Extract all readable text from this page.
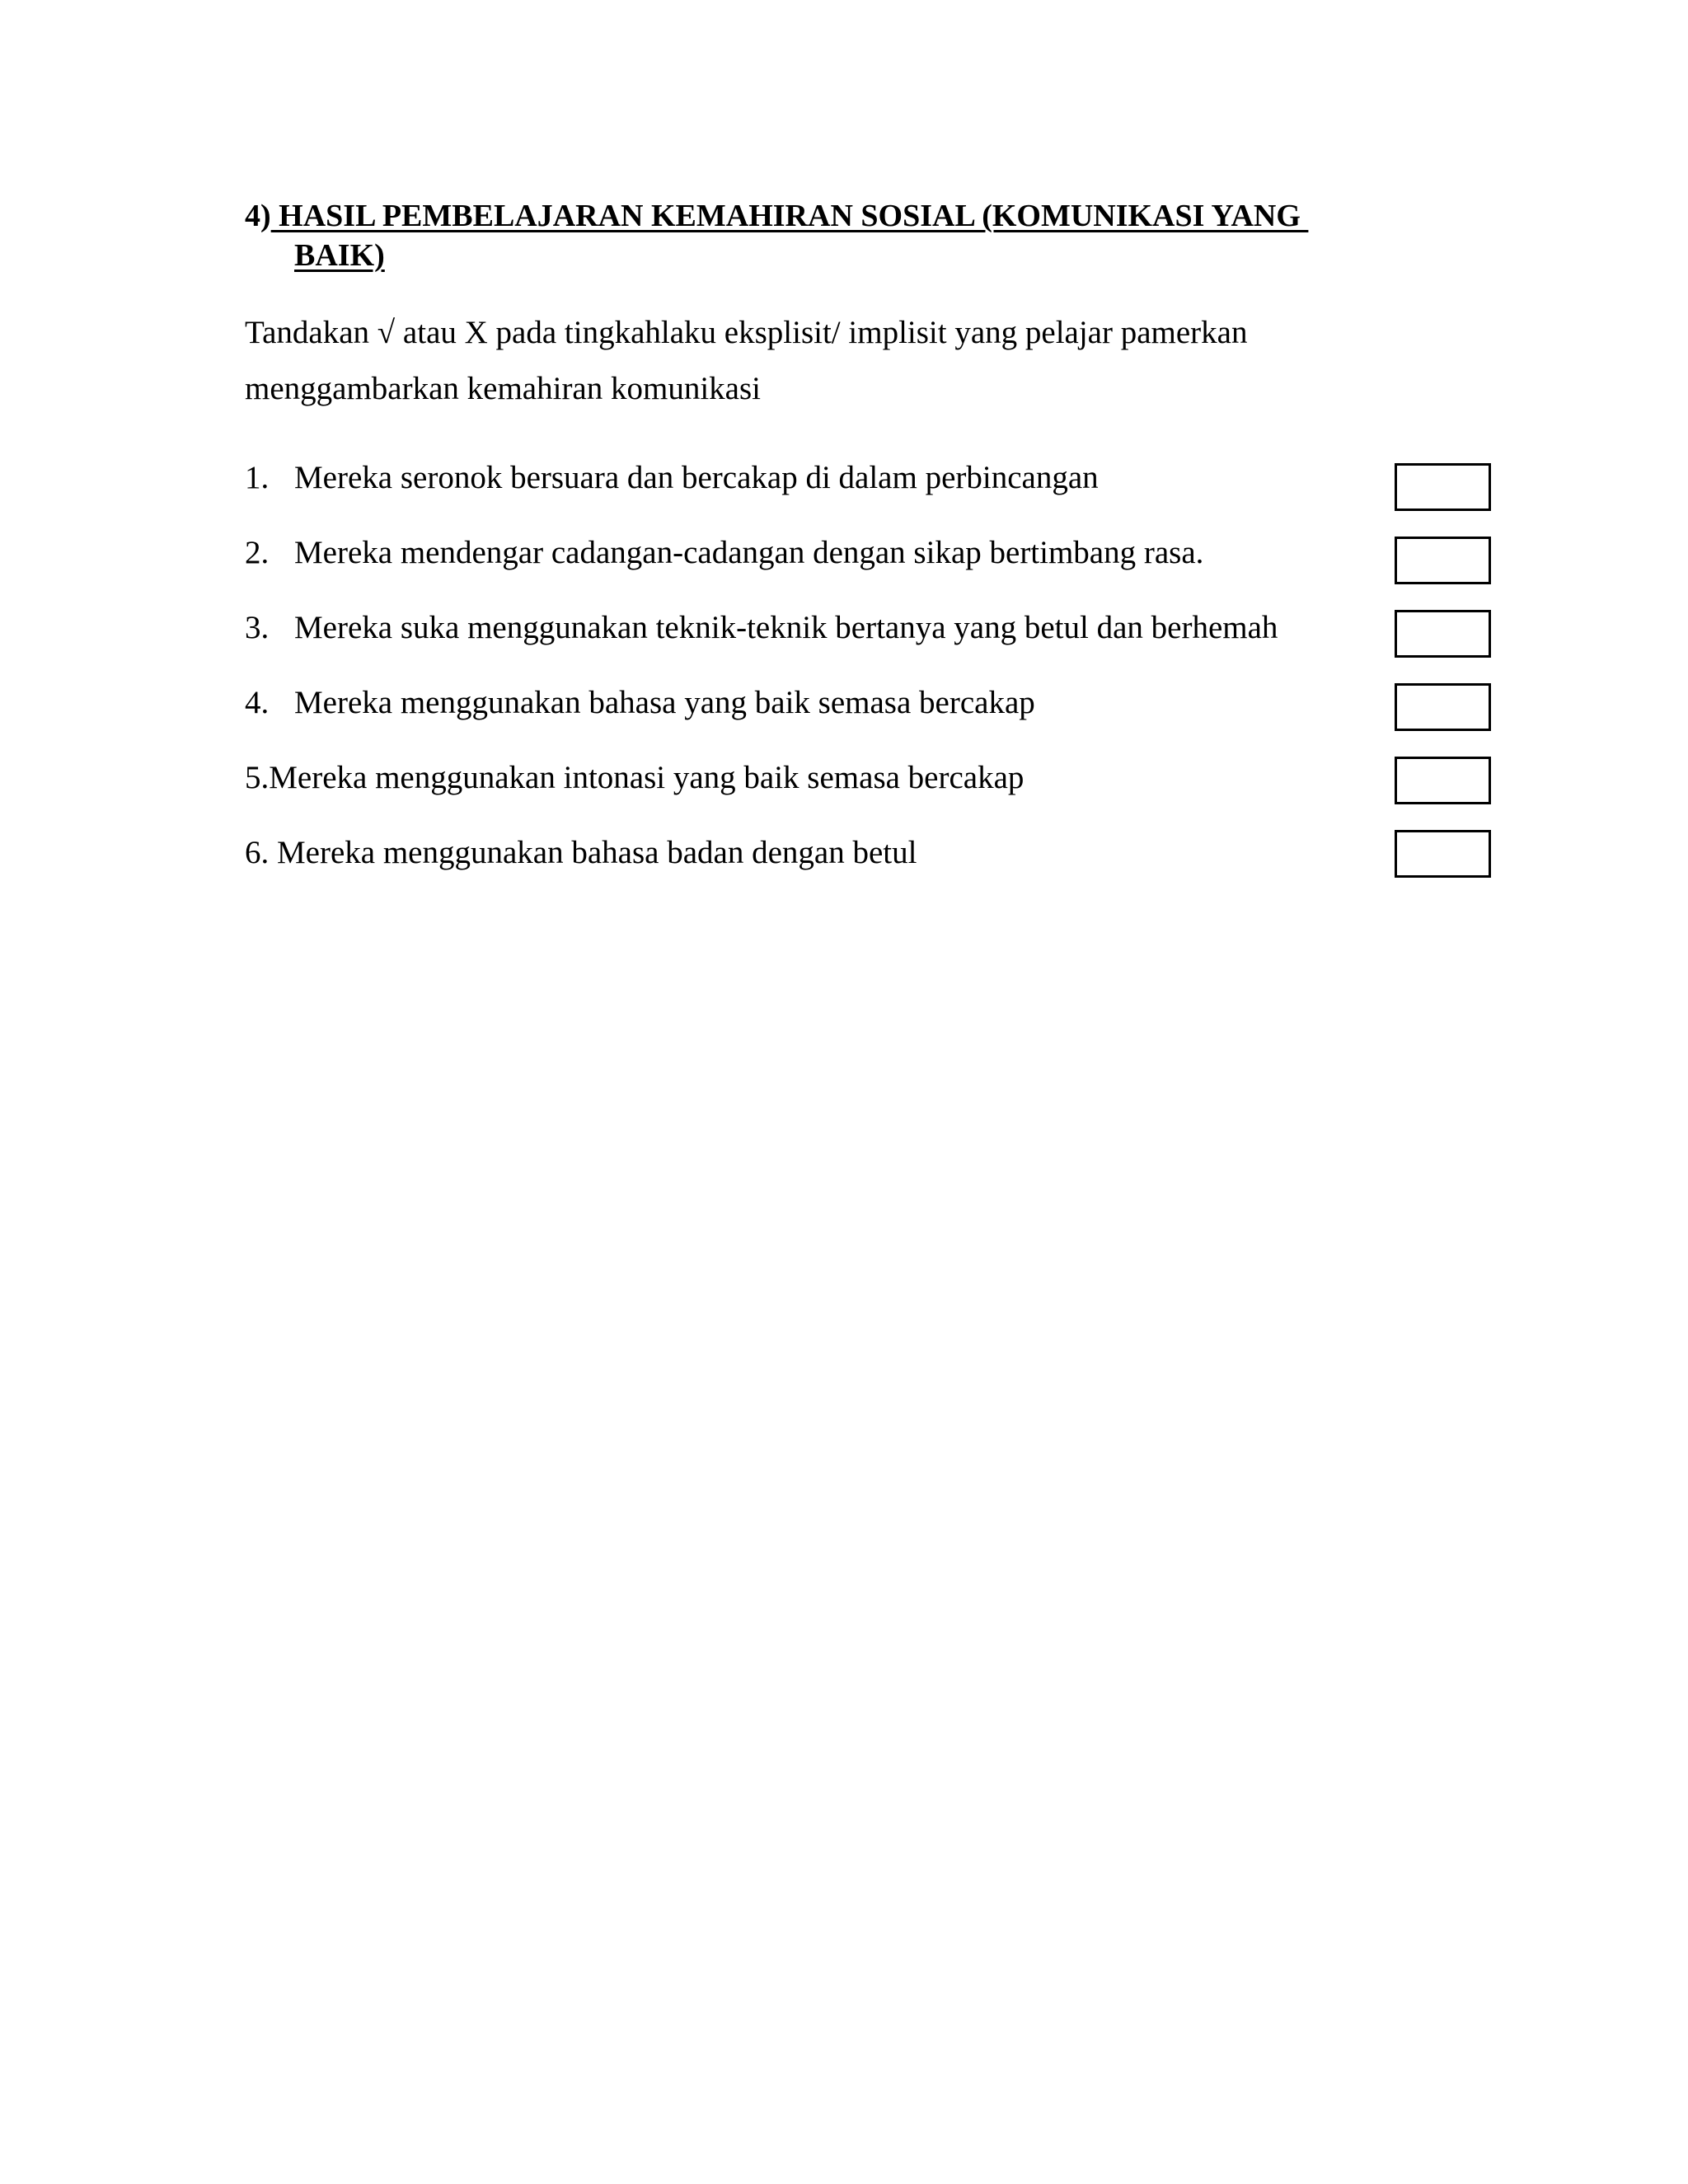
4) HASIL PEMBELAJARAN KEMAHIRAN SOSIAL (KOMUNIKASI YANG
BAIK)
Tandakan √ atau X pada tingkahlaku eksplisit/ implisit yang pelajar pamerkan
menggambarkan kemahiran komunikasi
1. Mereka seronok bersuara dan bercakap di dalam perbincangan
2. Mereka mendengar cadangan-cadangan dengan sikap bertimbang rasa.
3. Mereka suka menggunakan teknik-teknik bertanya yang betul dan berhemah
4. Mereka menggunakan bahasa yang baik semasa bercakap
5.Mereka menggunakan intonasi yang baik semasa bercakap
6. Mereka menggunakan bahasa badan dengan betul
